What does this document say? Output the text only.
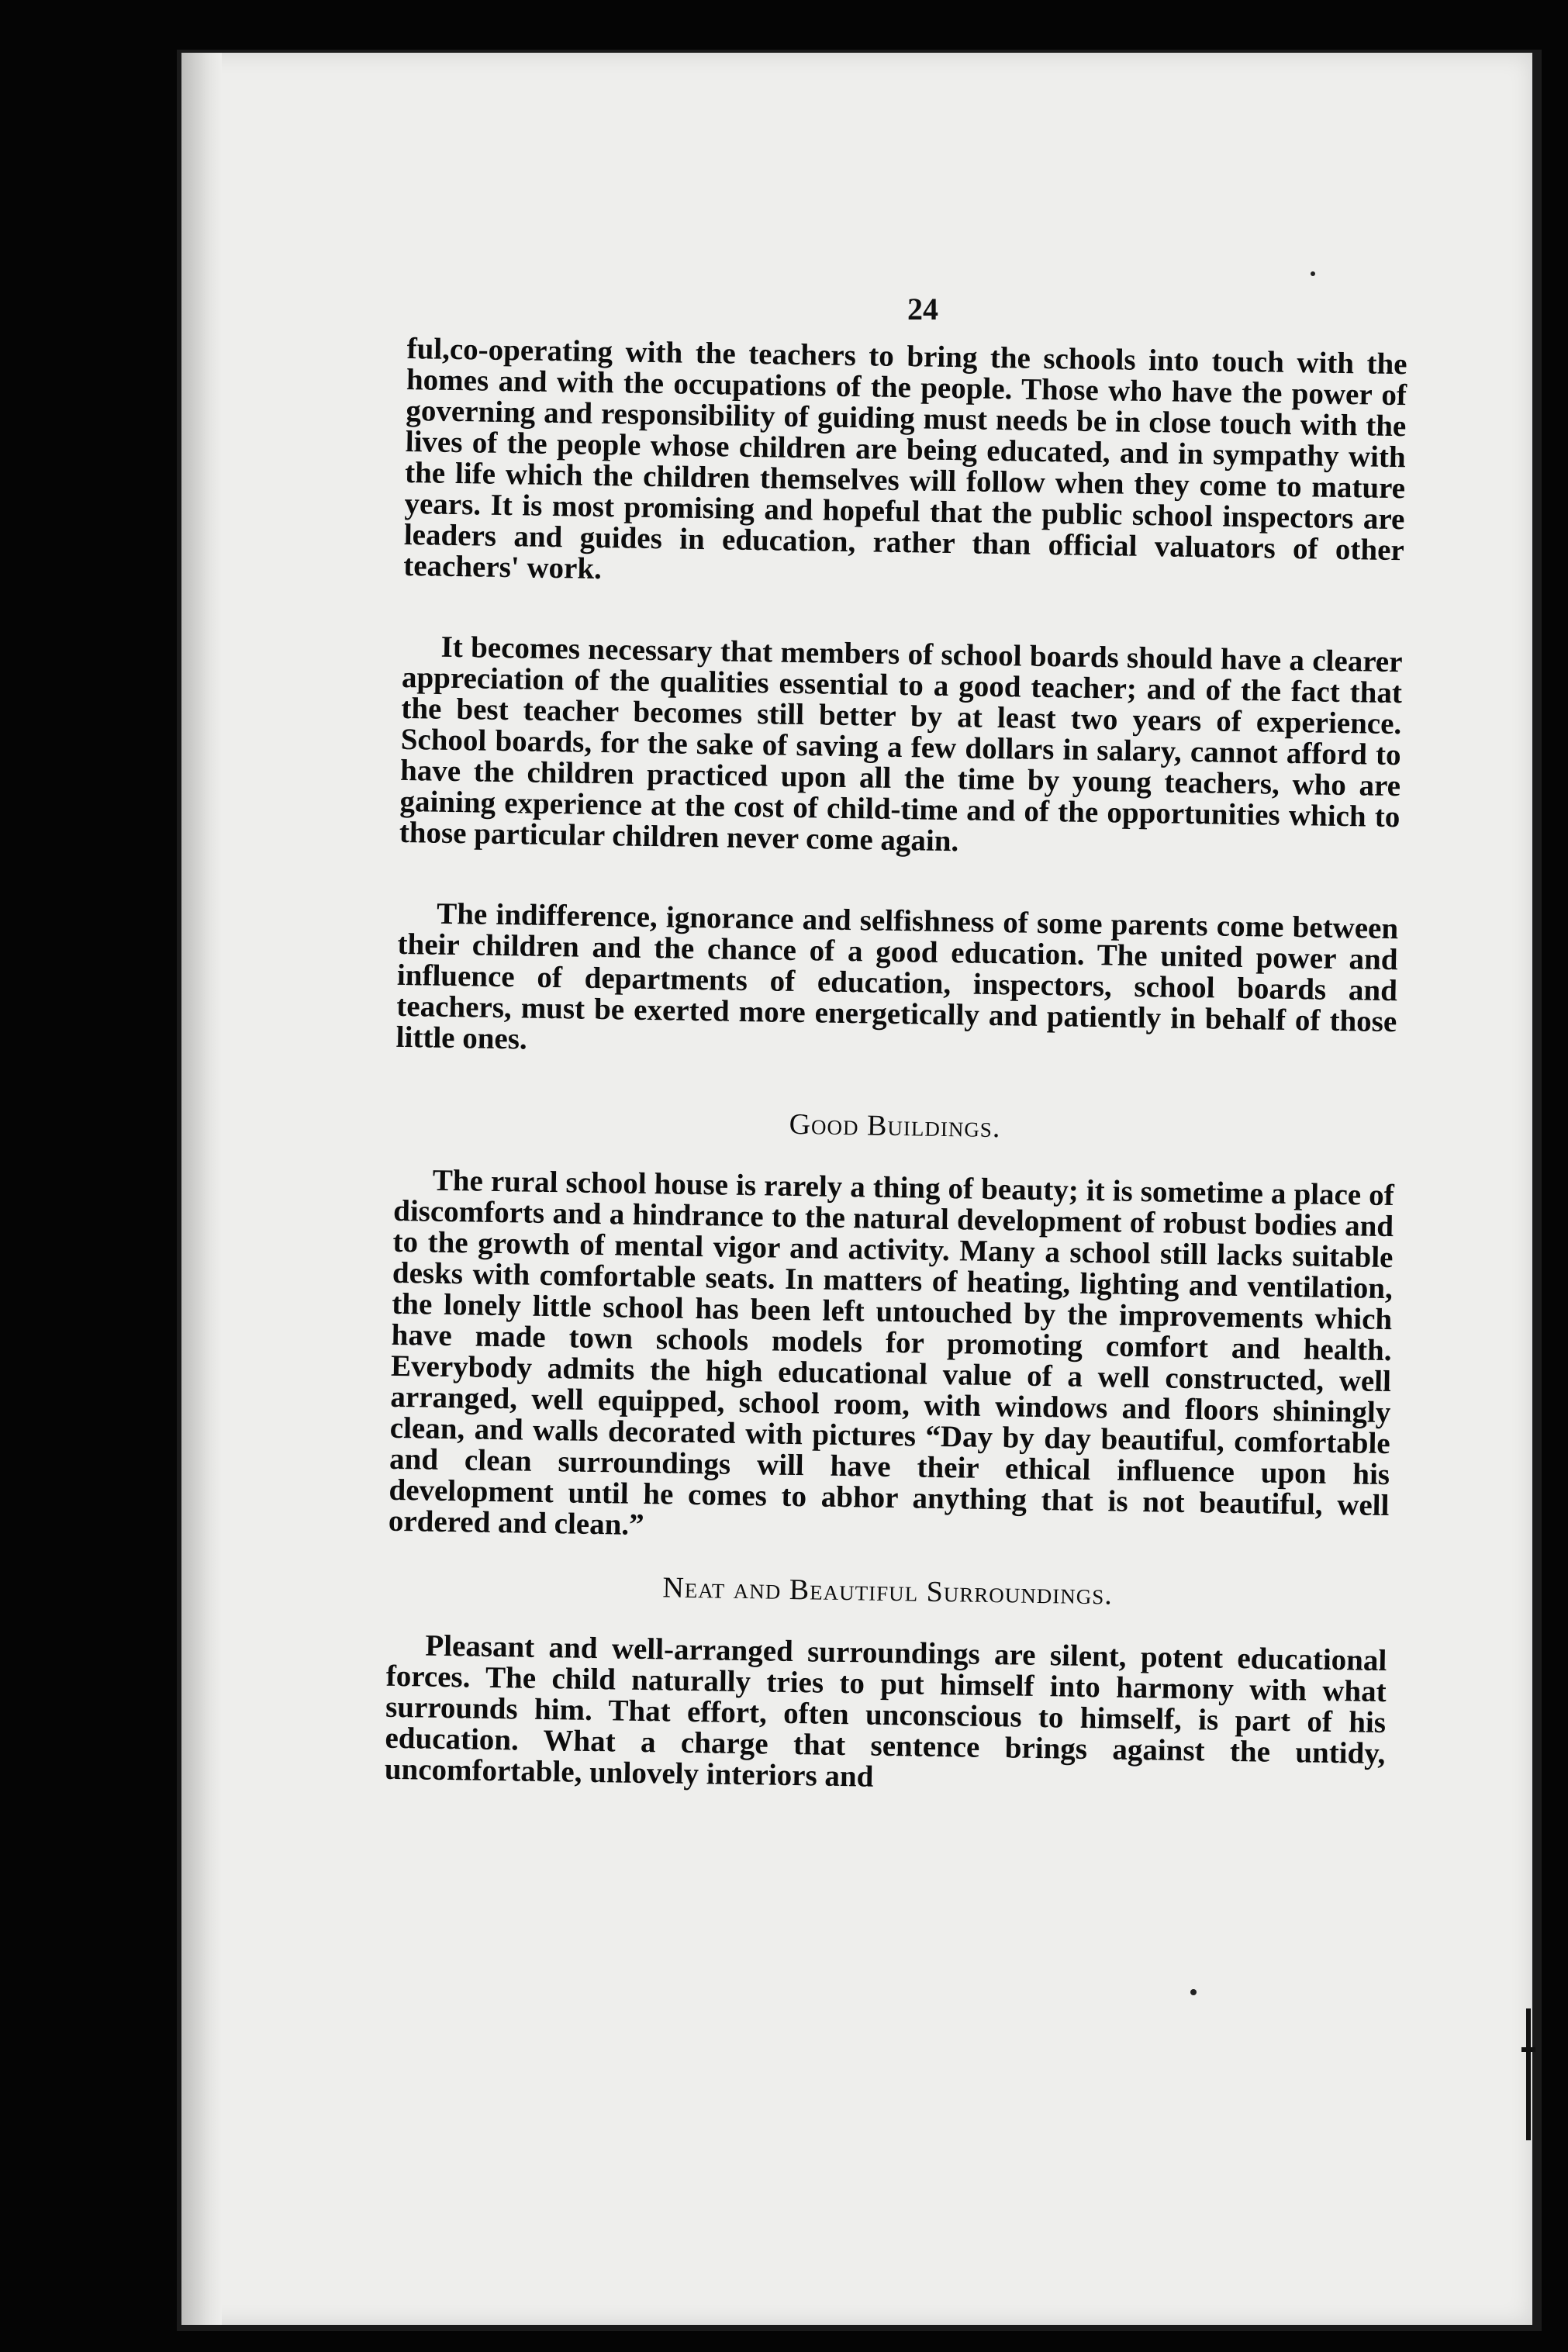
24

ful,co-operating with the teachers to bring the schools into touch with the homes and with the occupations of the people. Those who have the power of governing and responsibility of guiding must needs be in close touch with the lives of the people whose children are being educated, and in sympathy with the life which the children themselves will follow when they come to mature years. It is most promising and hopeful that the public school inspectors are leaders and guides in education, rather than official valuators of other teachers' work.

It becomes necessary that members of school boards should have a clearer appreciation of the qualities essential to a good teacher; and of the fact that the best teacher becomes still better by at least two years of experience. School boards, for the sake of saving a few dollars in salary, cannot afford to have the children practiced upon all the time by young teachers, who are gaining experience at the cost of child-time and of the opportunities which to those particular children never come again.

The indifference, ignorance and selfishness of some parents come between their children and the chance of a good education. The united power and influence of departments of education, inspectors, school boards and teachers, must be exerted more energetically and patiently in behalf of those little ones.

Good Buildings.

The rural school house is rarely a thing of beauty; it is sometime a place of discomforts and a hindrance to the natural development of robust bodies and to the growth of mental vigor and activity. Many a school still lacks suitable desks with comfortable seats. In matters of heating, lighting and ventilation, the lonely little school has been left untouched by the improvements which have made town schools models for promoting comfort and health. Everybody admits the high educational value of a well constructed, well arranged, well equipped, school room, with windows and floors shiningly clean, and walls decorated with pictures “Day by day beautiful, comfortable and clean surroundings will have their ethical influence upon his development until he comes to abhor anything that is not beautiful, well ordered and clean.”

Neat and Beautiful Surroundings.

Pleasant and well-arranged surroundings are silent, potent educational forces. The child naturally tries to put himself into harmony with what surrounds him. That effort, often unconscious to himself, is part of his education. What a charge that sentence brings against the untidy, uncomfortable, unlovely interiors and
